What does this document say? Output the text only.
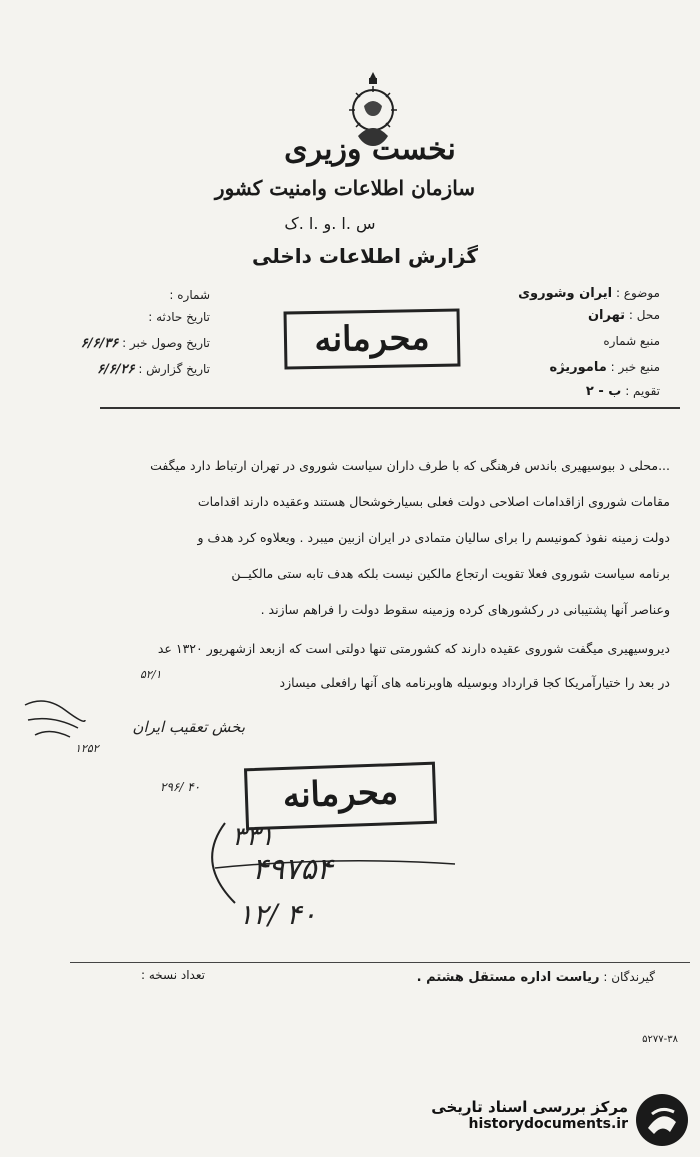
نخست وزیری
سازمان اطلاعات وامنیت کشور
س .ا .و .ا .ک
گزارش اطلاعات داخلی
موضوع : ایران وشوروی
محل : تهران
منبع شماره
منبع خبر : ماموریژه
تقویم : ب - ۲
شماره :
تاریخ حادثه :
تاریخ وصول خبر : ۶/۶/۳۶
تاریخ گزارش : ۶/۶/۲۶
محرمانه
...محلی د بیوسیهیری باندس فرهنگی که با طرف داران سیاست شوروی در تهران ارتباط دارد میگفت
مقامات شوروی ازاقدامات اصلاحی دولت فعلی بسیارخوشحال هستند وعقیده دارند اقدامات
دولت زمینه نفوذ کمونیسم را برای سالیان متمادی در ایران ازبین میبرد . ویعلاوه کرد هدف و
برنامه سیاست شوروی فعلا تقویت ارتجاع مالکین نیست بلکه هدف تابه ستی مالکیــن
وعناصر آنها پشتیبانی در رکشورهای کرده وزمینه سقوط دولت را فراهم سازند .
دیروسیهیری میگفت شوروی عقیده دارند که کشورمتی تنها دولتی است که ازبعد ازشهریور ۱۳۲۰ عد
در بعد را ختیارآمریکا کجا قرارداد وبوسیله هاوبرنامه های آنها رافعلی میسازد
بخش تعقیب ایران
۱۲۵۲
۵۲/۱
۲۹۶/ ۴۰	محرمانه
۳۳۱
۴۹۷۵۴
۱۲/ ۴۰
گیرندگان : ریاست اداره مستقل هشتم .
تعداد نسخه :
۵۲۷۷-۳۸
مرکز بررسی اسناد تاریخی
historydocuments.ir
